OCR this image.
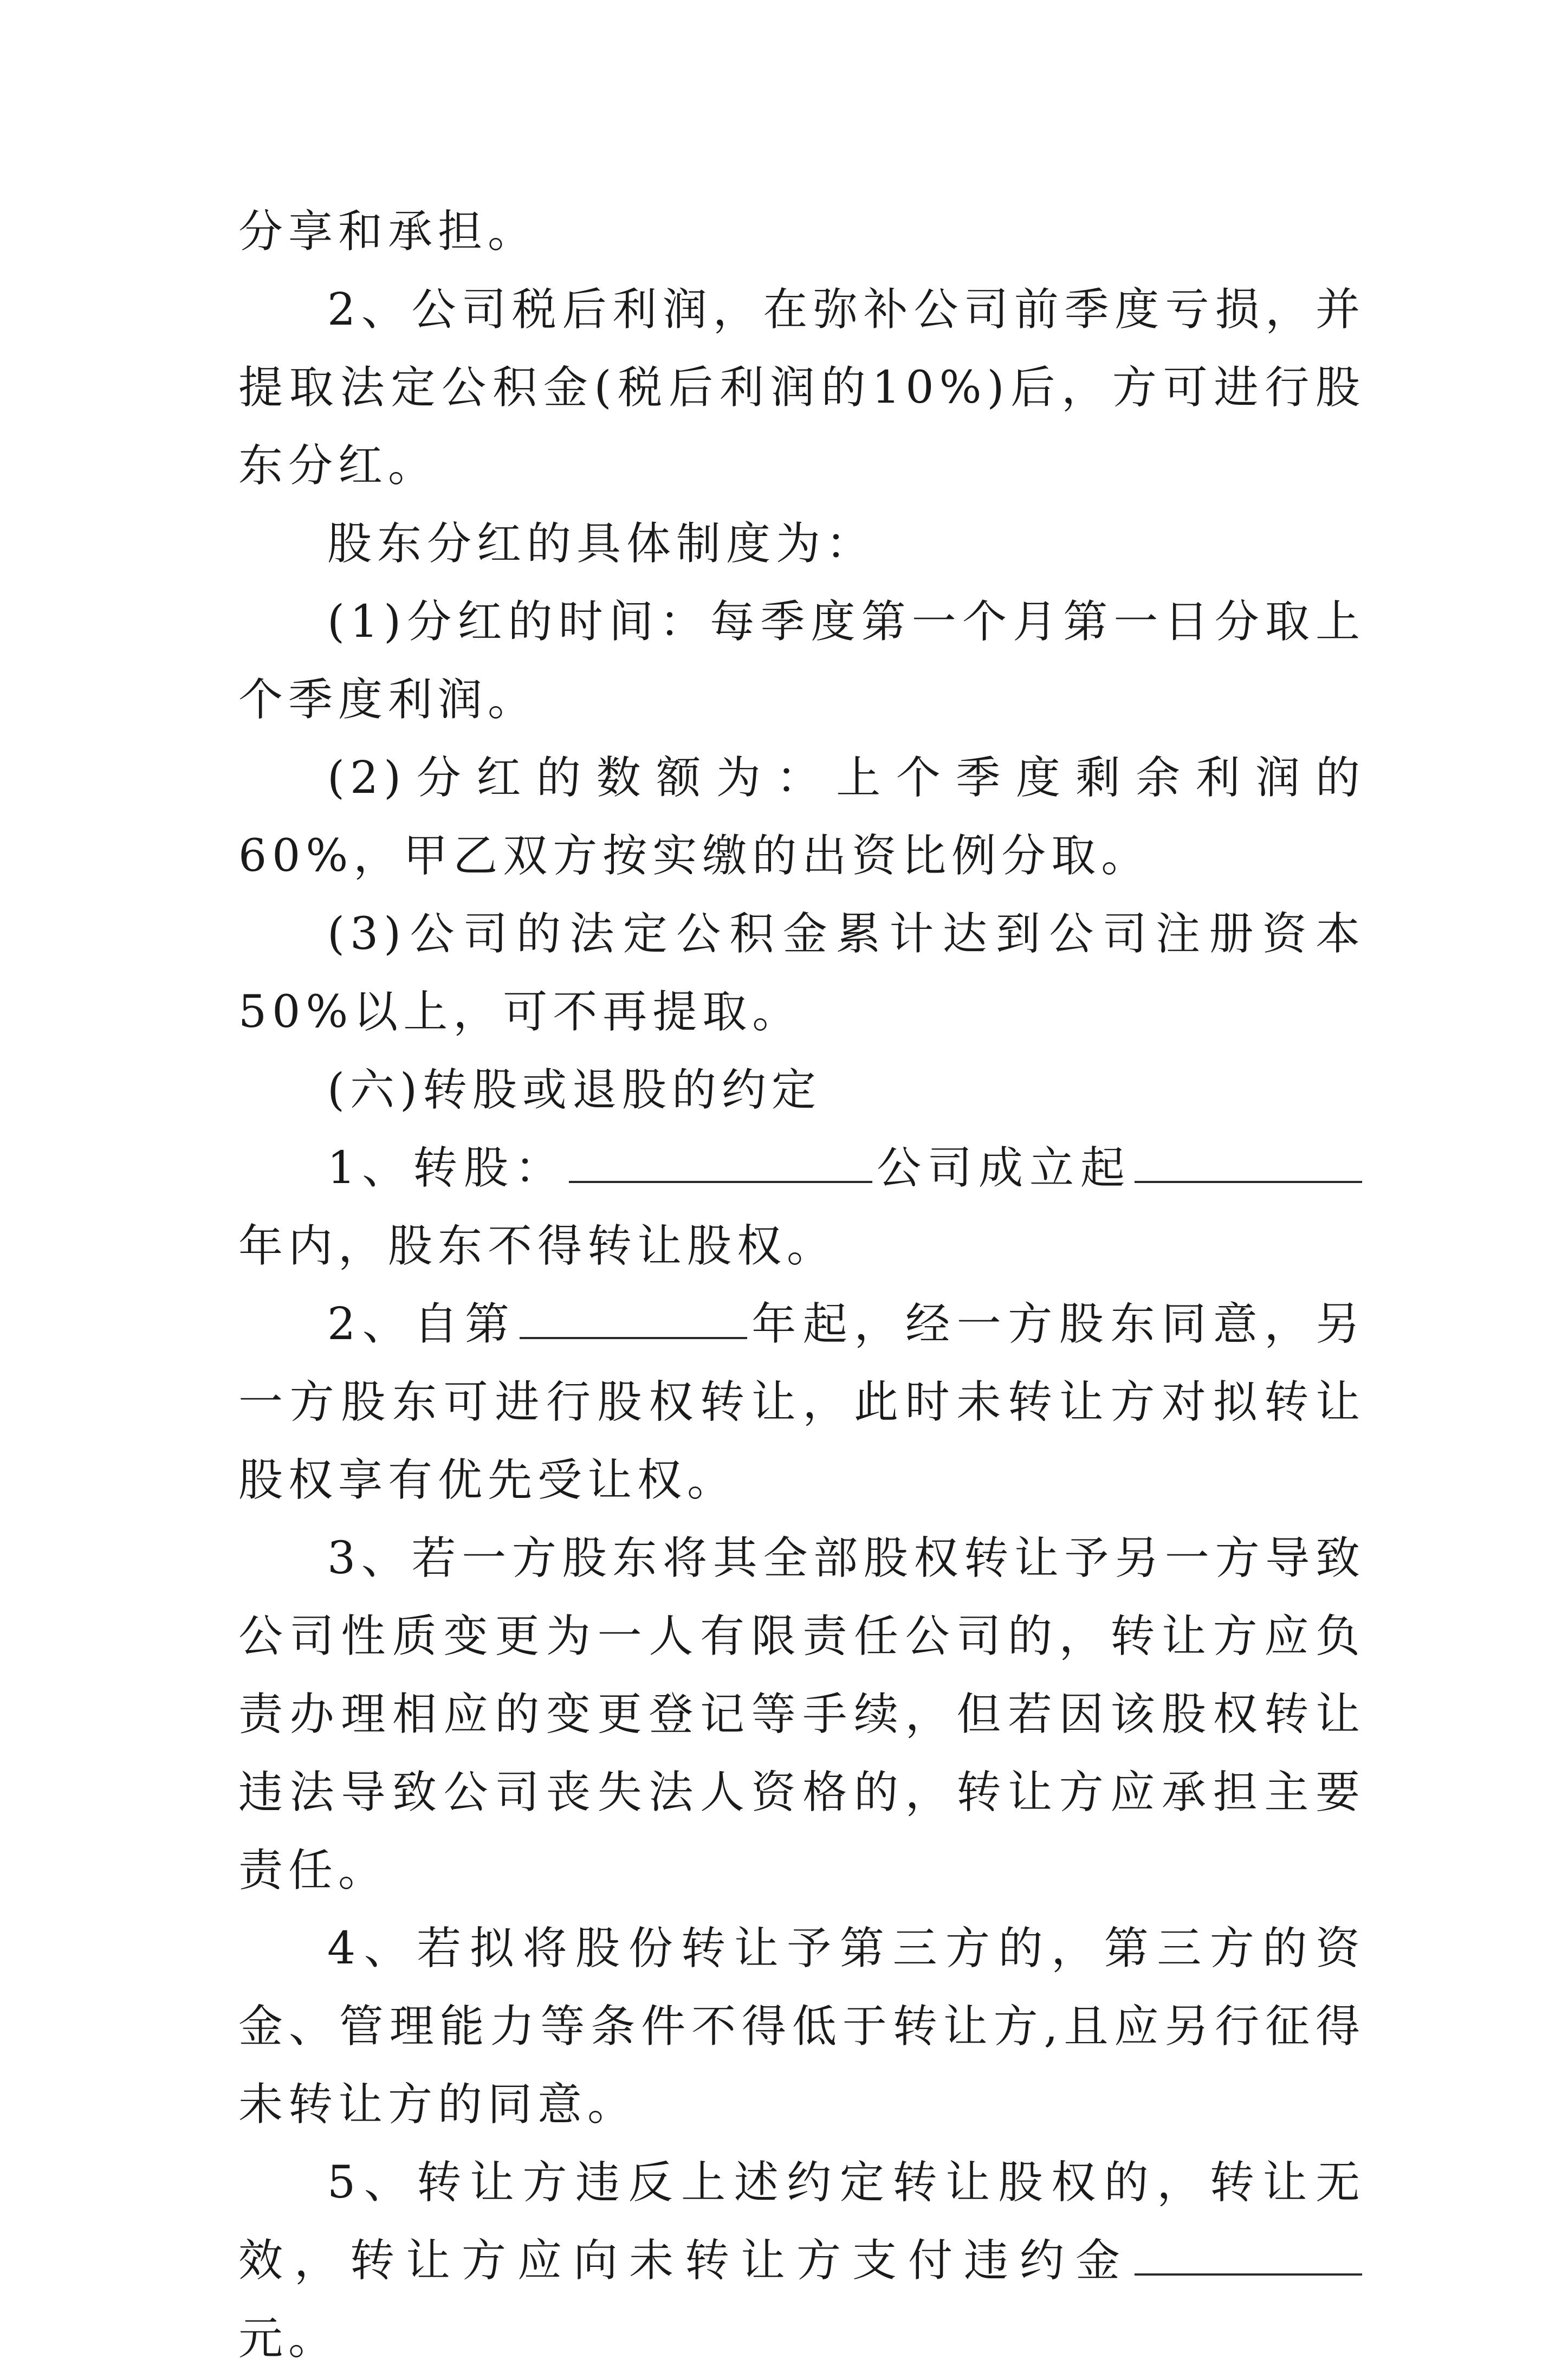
分享和承担。

2、公司税后利润，在弥补公司前季度亏损，并提取法定公积金(税后利润的10%)后，方可进行股东分红。

股东分红的具体制度为：

(1)分红的时间：每季度第一个月第一日分取上个季度利润。

(2)分红的数额为：上个季度剩余利润的60%，甲乙双方按实缴的出资比例分取。

(3)公司的法定公积金累计达到公司注册资本50%以上，可不再提取。

(六)转股或退股的约定

1、转股：	公司成立起年内，股东不得转让股权。

2、自第	年起，经一方股东同意，另一方股东可进行股权转让，此时未转让方对拟转让股权享有优先受让权。

3、若一方股东将其全部股权转让予另一方导致公司性质变更为一人有限责任公司的，转让方应负责办理相应的变更登记等手续，但若因该股权转让违法导致公司丧失法人资格的，转让方应承担主要责任。

4、若拟将股份转让予第三方的，第三方的资金、管理能力等条件不得低于转让方,且应另行征得未转让方的同意。

5、转让方违反上述约定转让股权的，转让无效，转让方应向未转让方支付违约金元。
